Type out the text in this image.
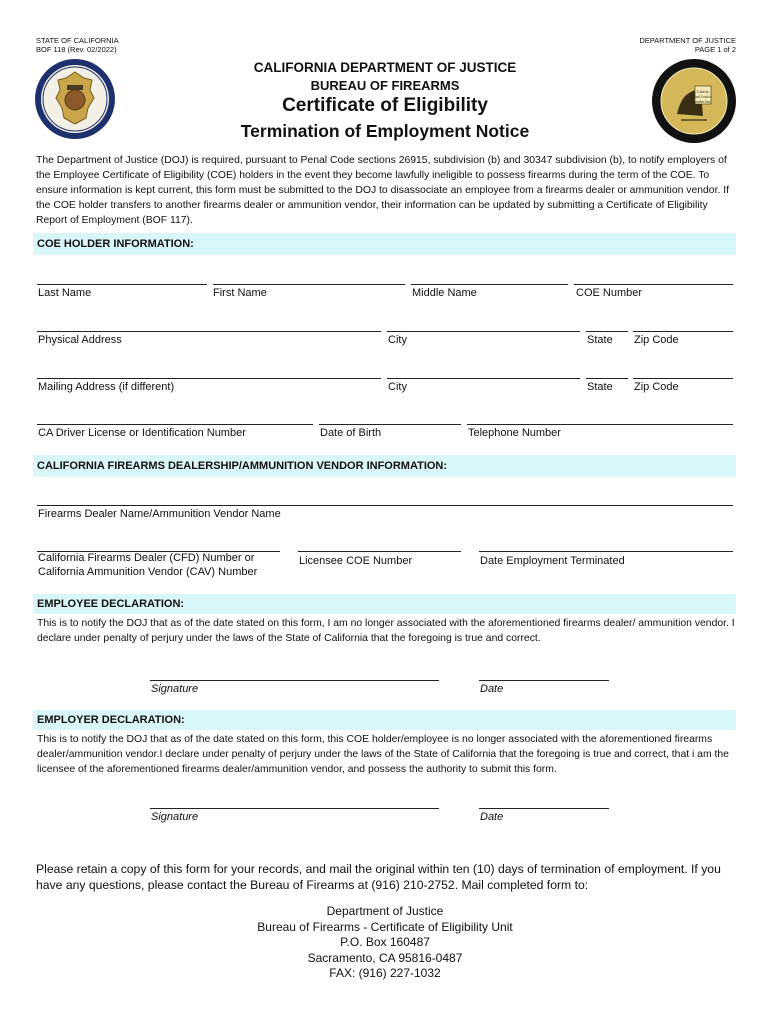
STATE OF CALIFORNIA
BOF 118 (Rev. 02/2022)
DEPARTMENT OF JUSTICE
PAGE 1 of 2
Liberty
and Justice
under law
CALIFORNIA DEPARTMENT OF JUSTICE
BUREAU OF FIREARMS
Certificate of Eligibility
Termination of Employment Notice
The Department of Justice (DOJ) is required, pursuant to Penal Code sections 26915, subdivision (b) and 30347 subdivision (b), to notify employers of the Employee Certificate of Eligibility (COE) holders in the event they become lawfully ineligible to possess firearms during the term of the COE. To ensure information is kept current, this form must be submitted to the DOJ to disassociate an employee from a firearms dealer or ammunition vendor. If the COE holder transfers to another firearms dealer or ammunition vendor, their information can be updated by submitting a Certificate of Eligibility Report of Employment (BOF 117).
COE HOLDER INFORMATION:
Last Name	First Name	Middle Name	COE Number
Physical Address	City	State Zip Code
Mailing Address (if different)	City	State Zip Code
CA Driver License or Identification Number	Date of Birth	Telephone Number
CALIFORNIA FIREARMS DEALERSHIP/AMMUNITION VENDOR INFORMATION:
Firearms Dealer Name/Ammunition Vendor Name
California Firearms Dealer (CFD) Number or
California Ammunition Vendor (CAV) Number
Licensee COE Number	Date Employment Terminated
EMPLOYEE DECLARATION:
This is to notify the DOJ that as of the date stated on this form, I am no longer associated with the aforementioned firearms dealer/ ammunition vendor. I declare under penalty of perjury under the laws of the State of California that the foregoing is true and correct.
Signature	Date
EMPLOYER DECLARATION:
This is to notify the DOJ that as of the date stated on this form, this COE holder/employee is no longer associated with the aforementioned firearms dealer/ammunition vendor.I declare under penalty of perjury under the laws of the State of California that the foregoing is true and correct, that i am the licensee of the aforementioned firearms dealer/ammunition vendor, and possess the authority to submit this form.
Signature	Date
Please retain a copy of this form for your records, and mail the original within ten (10) days of termination of employment. If you have any questions, please contact the Bureau of Firearms at (916) 210-2752. Mail completed form to:
Department of Justice
Bureau of Firearms - Certificate of Eligibility Unit
P.O. Box 160487
Sacramento, CA 95816-0487
FAX: (916) 227-1032
